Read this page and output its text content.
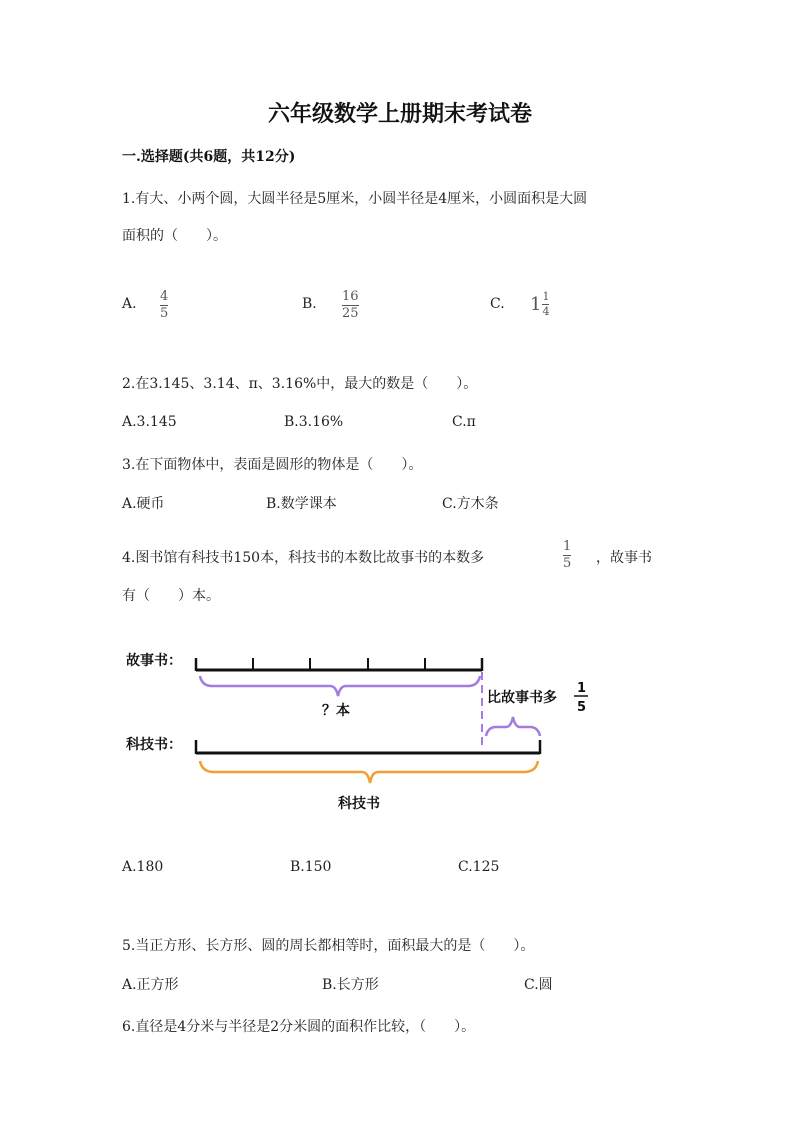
六年级数学上册期末考试卷
一.选择题(共6题，共12分)
1.有大、小两个圆，大圆半径是5厘米，小圆半径是4厘米，小圆面积是大圆
面积的（　　）。
A. 4
5
B. 16
25
C. $1 \frac{1}{4}$
2.在3.145、3.14、π、3.16%中，最大的数是（　　）。
A.3.145	B.3.16%	C.π
3.在下面物体中，表面是圆形的物体是（　　）。
A.硬币	B.数学课本	C.方木条
4.图书馆有科技书150本，科技书的本数比故事书的本数多
1
5 ，故事书
有（　　）本。
故事书：
？本
比故事书多
1
5
科技书：
科技书
A.180	B.150	C.125
5.当正方形、长方形、圆的周长都相等时，面积最大的是（　　）。
A.正方形	B.长方形	C.圆
6.直径是4分米与半径是2分米圆的面积作比较，（　　）。
